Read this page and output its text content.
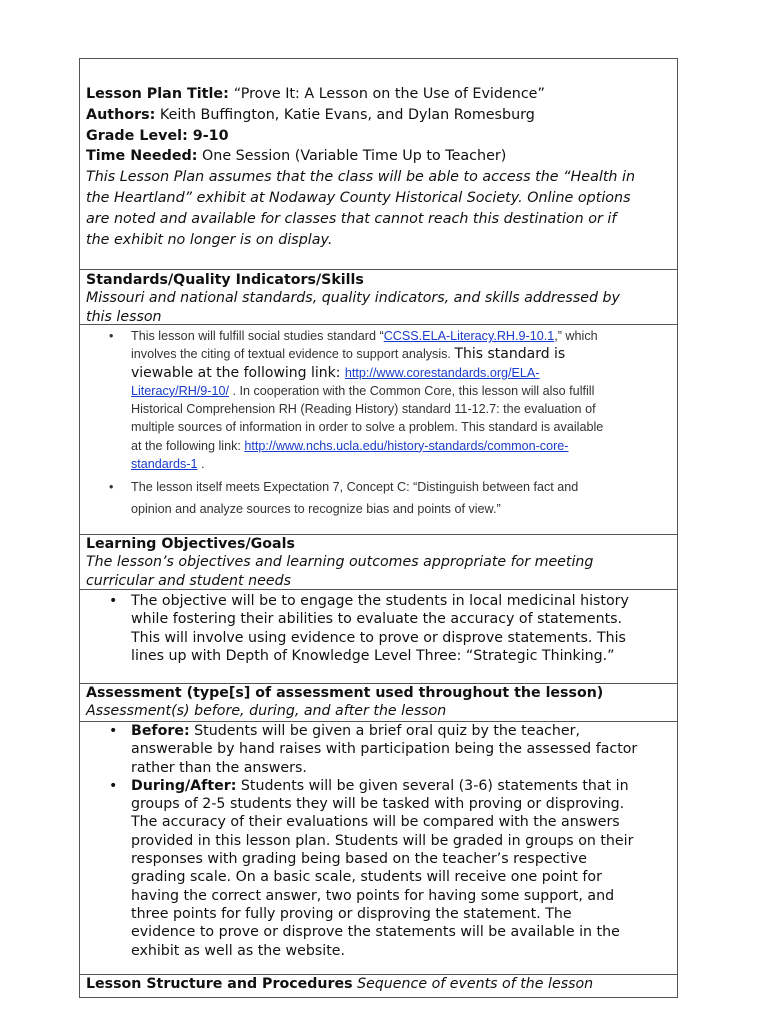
Lesson Plan Title: “Prove It: A Lesson on the Use of Evidence”
Authors: Keith Buffington, Katie Evans, and Dylan Romesburg
Grade Level: 9-10
Time Needed: One Session (Variable Time Up to Teacher)
This Lesson Plan assumes that the class will be able to access the “Health in
the Heartland” exhibit at Nodaway County Historical Society. Online options
are noted and available for classes that cannot reach this destination or if
the exhibit no longer is on display.
Standards/Quality Indicators/Skills
Missouri and national standards, quality indicators, and skills addressed by
this lesson
• This lesson will fulfill social studies standard “CCSS.ELA-Literacy.RH.9-10.1,” which
involves the citing of textual evidence to support analysis. This standard is
viewable at the following link: http://www.corestandards.org/ELA-
Literacy/RH/9-10/ . In cooperation with the Common Core, this lesson will also fulfill
Historical Comprehension RH (Reading History) standard 11-12.7: the evaluation of
multiple sources of information in order to solve a problem. This standard is available
at the following link: http://www.nchs.ucla.edu/history-standards/common-core-
standards-1 .
• The lesson itself meets Expectation 7, Concept C: “Distinguish between fact and
opinion and analyze sources to recognize bias and points of view.”
Learning Objectives/Goals
The lesson’s objectives and learning outcomes appropriate for meeting
curricular and student needs
• The objective will be to engage the students in local medicinal history
while fostering their abilities to evaluate the accuracy of statements.
This will involve using evidence to prove or disprove statements. This
lines up with Depth of Knowledge Level Three: “Strategic Thinking.”
Assessment (type[s] of assessment used throughout the lesson)
Assessment(s) before, during, and after the lesson
• Before: Students will be given a brief oral quiz by the teacher,
answerable by hand raises with participation being the assessed factor
rather than the answers.
• During/After: Students will be given several (3-6) statements that in
groups of 2-5 students they will be tasked with proving or disproving.
The accuracy of their evaluations will be compared with the answers
provided in this lesson plan. Students will be graded in groups on their
responses with grading being based on the teacher’s respective
grading scale. On a basic scale, students will receive one point for
having the correct answer, two points for having some support, and
three points for fully proving or disproving the statement. The
evidence to prove or disprove the statements will be available in the
exhibit as well as the website.
Lesson Structure and Procedures Sequence of events of the lesson
